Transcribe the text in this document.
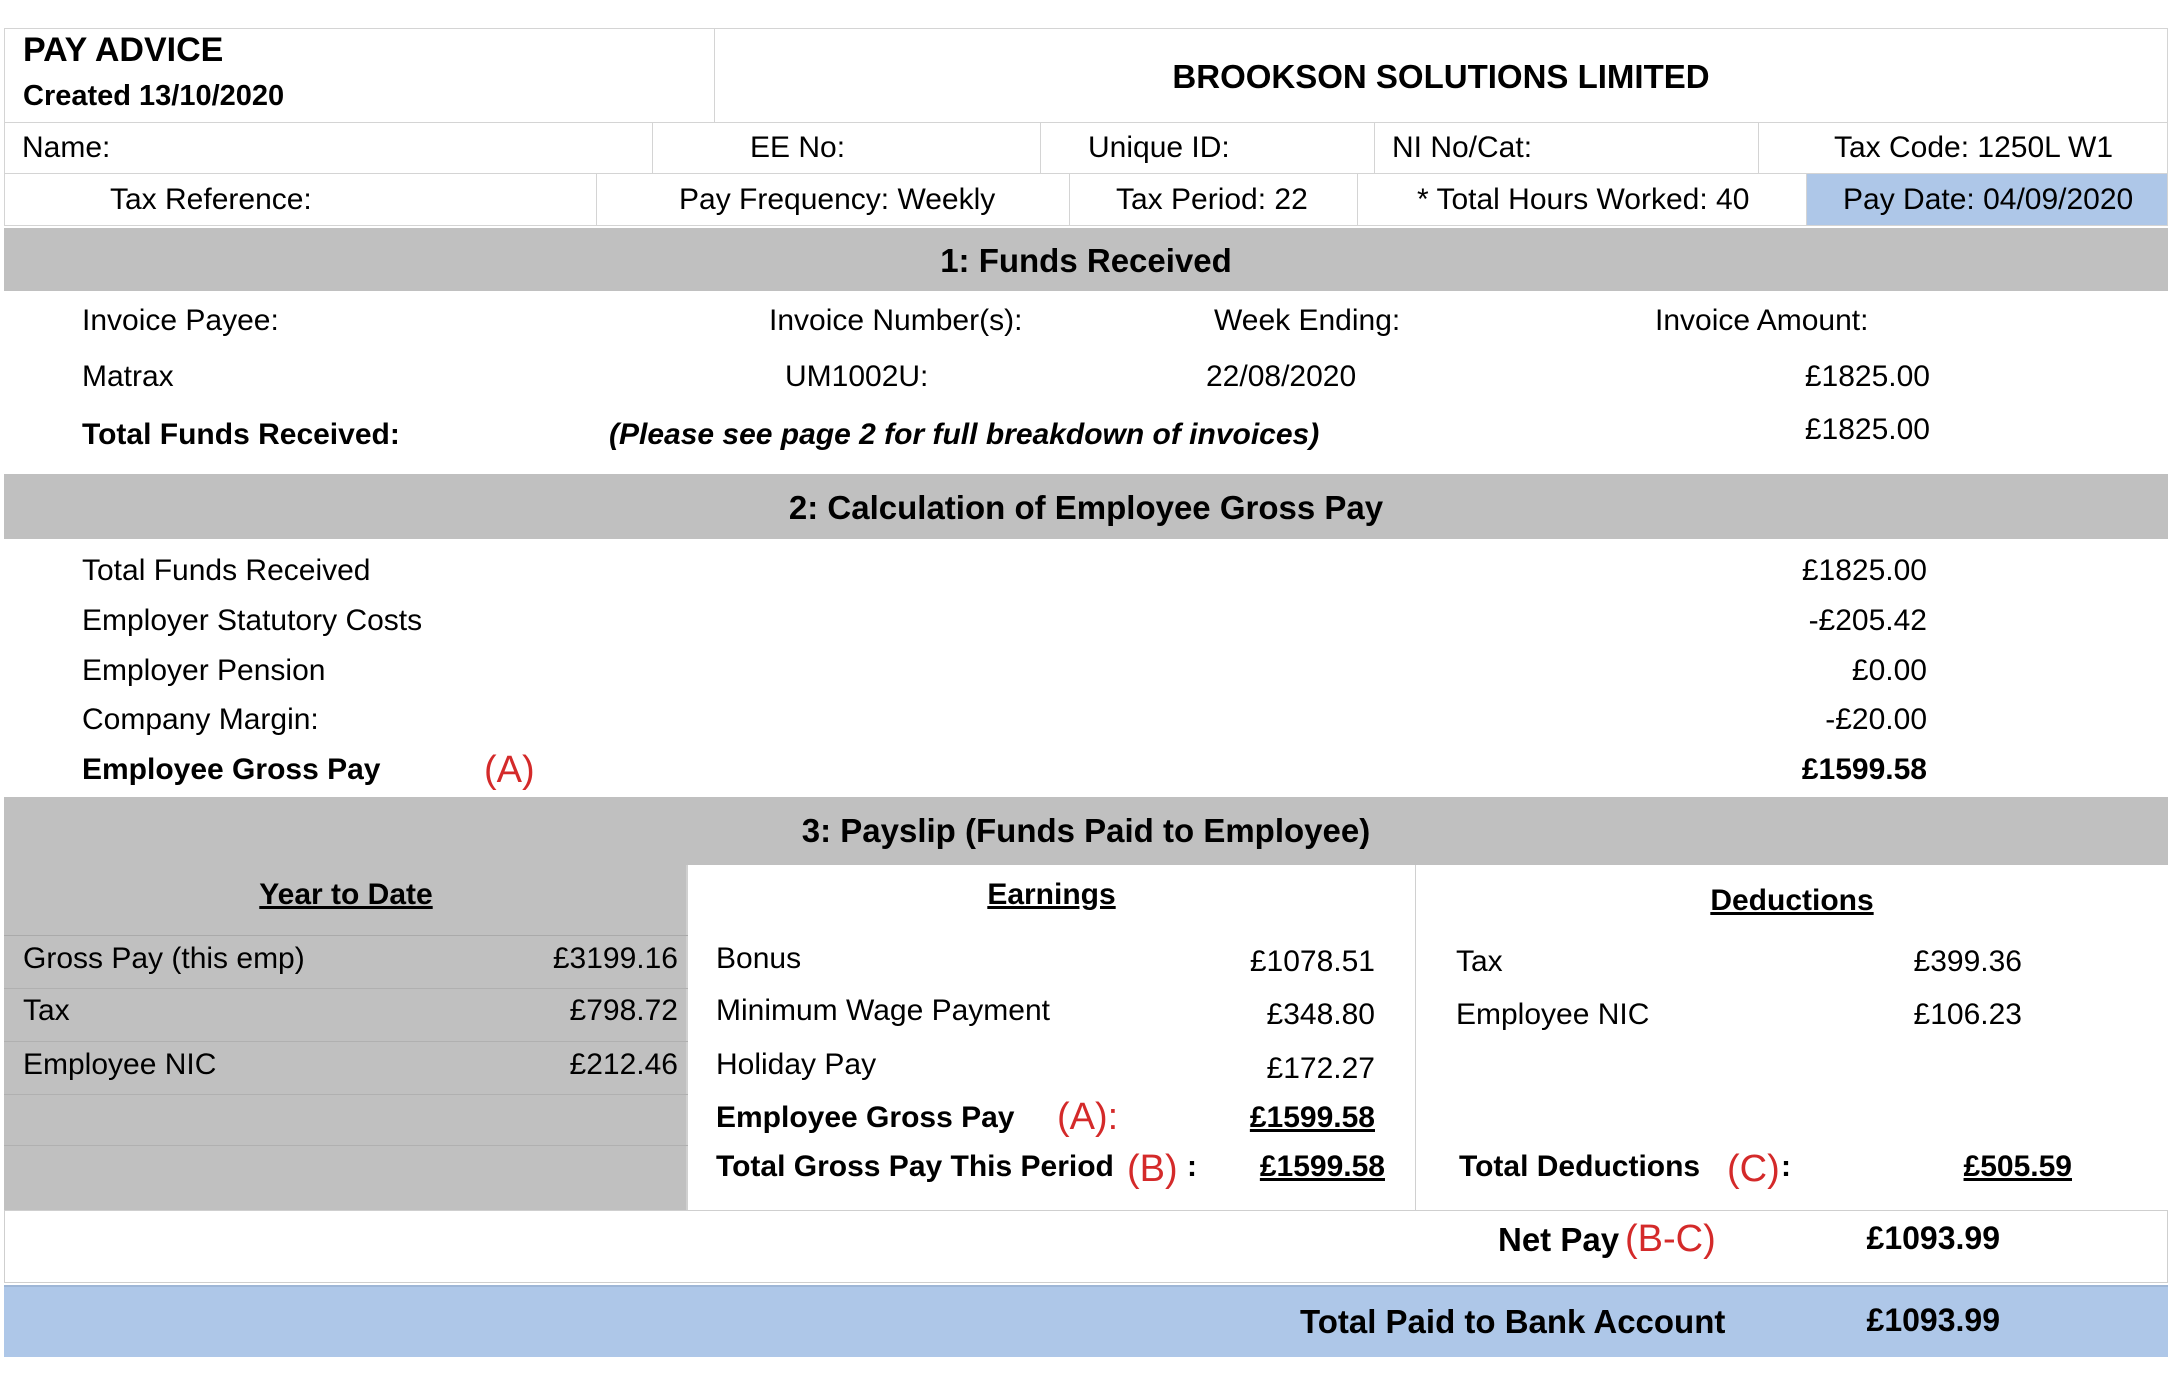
PAY ADVICE
Created 13/10/2020
BROOKSON SOLUTIONS LIMITED
Name:	EE No:	Unique ID:	NI No/Cat:	Tax Code: 1250L W1
Tax Reference:	Pay Frequency: Weekly	Tax Period: 22	* Total Hours Worked: 40	Pay Date: 04/09/2020
1: Funds Received
Invoice Payee:	Invoice Number(s):	Week Ending:	Invoice Amount:
Matrax	UM1002U:	22/08/2020	£1825.00
Total Funds Received:	(Please see page 2 for full breakdown of invoices)	£1825.00
2: Calculation of Employee Gross Pay
Total Funds Received	£1825.00
Employer Statutory Costs	-£205.42
Employer Pension	£0.00
Company Margin:	-£20.00
Employee Gross Pay	(A)	£1599.58
3: Payslip (Funds Paid to Employee)
Year to Date
Gross Pay (this emp)	£3199.16
Tax	£798.72
Employee NIC	£212.46
Earnings
Bonus	£1078.51
Minimum Wage Payment	£348.80
Holiday Pay	£172.27
Employee Gross Pay (A):	£1599.58
Total Gross Pay This Period (B) :	£1599.58
Deductions
Tax	£399.36
Employee NIC	£106.23
Total Deductions (C) :	£505.59
Net Pay (B-C)	£1093.99
Total Paid to Bank Account	£1093.99
